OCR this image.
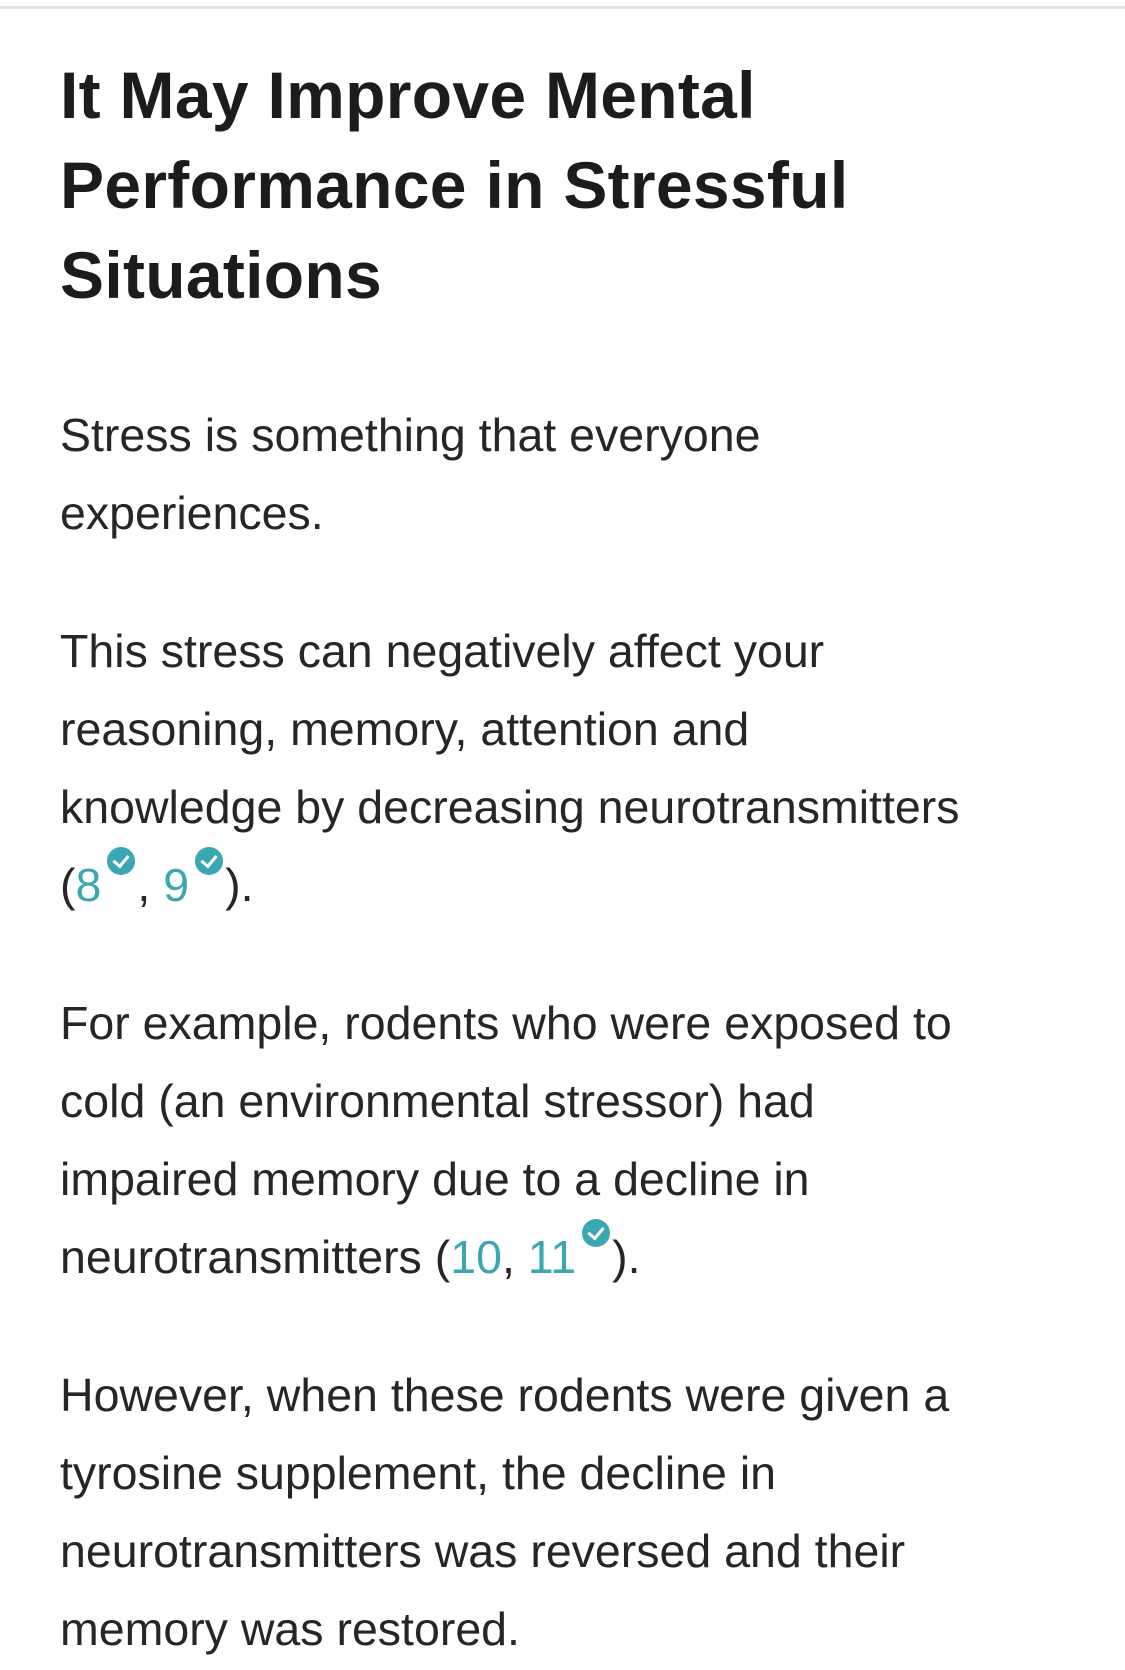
It May Improve Mental Performance in Stressful Situations

Stress is something that everyone
experiences.

This stress can negatively affect your
reasoning, memory, attention and
knowledge by decreasing neurotransmitters
(8 , 9 ).

For example, rodents who were exposed to
cold (an environmental stressor) had
impaired memory due to a decline in
neurotransmitters (10, 11 ).

However, when these rodents were given a
tyrosine supplement, the decline in
neurotransmitters was reversed and their
memory was restored.
